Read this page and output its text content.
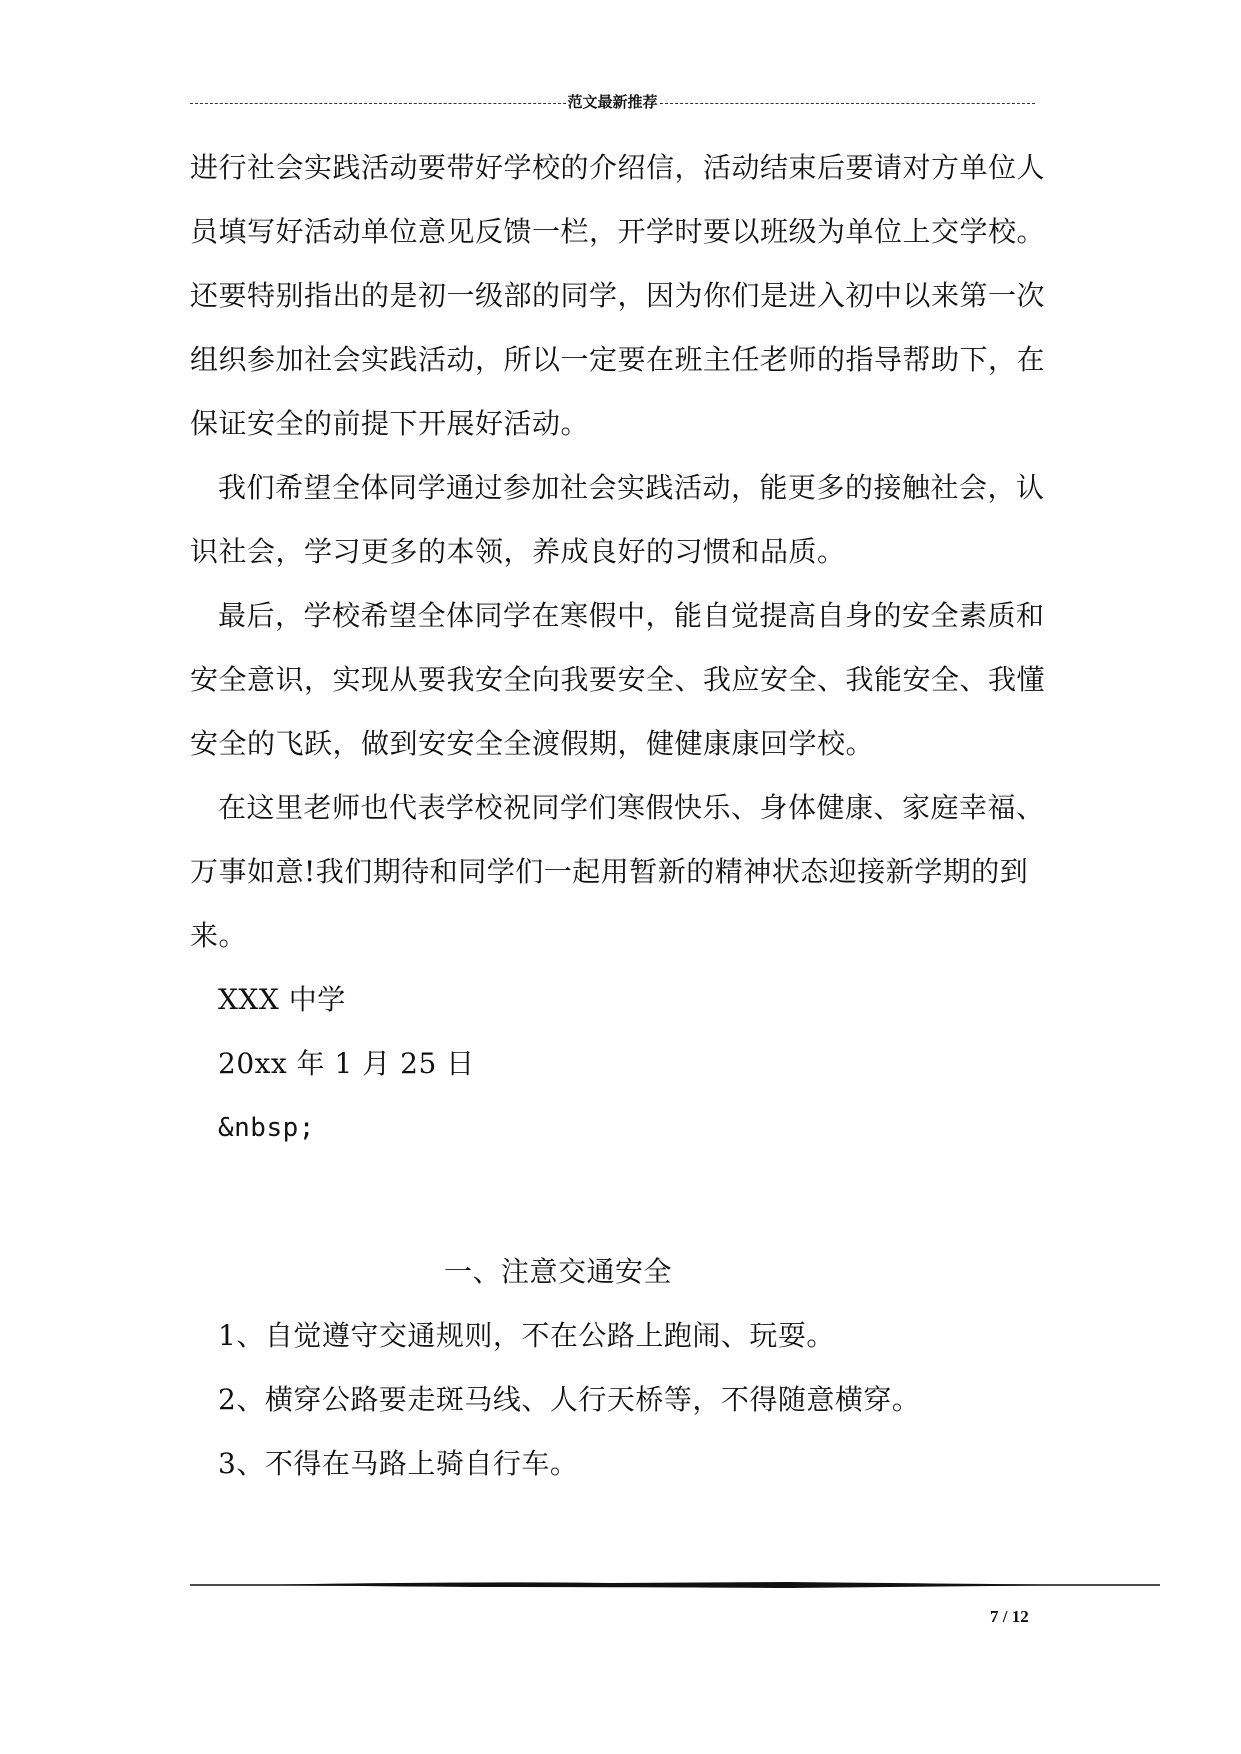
范文最新推荐
进行社会实践活动要带好学校的介绍信，活动结束后要请对方单位人
员填写好活动单位意见反馈一栏，开学时要以班级为单位上交学校。
还要特别指出的是初一级部的同学，因为你们是进入初中以来第一次
组织参加社会实践活动，所以一定要在班主任老师的指导帮助下，在
保证安全的前提下开展好活动。
我们希望全体同学通过参加社会实践活动，能更多的接触社会，认
识社会，学习更多的本领，养成良好的习惯和品质。
最后，学校希望全体同学在寒假中，能自觉提高自身的安全素质和
安全意识，实现从要我安全向我要安全、我应安全、我能安全、我懂
安全的飞跃，做到安安全全渡假期，健健康康回学校。
在这里老师也代表学校祝同学们寒假快乐、身体健康、家庭幸福、
万事如意!我们期待和同学们一起用暂新的精神状态迎接新学期的到
来。
XXX 中学
20xx 年 1 月 25 日
&nbsp;
一、注意交通安全
1、自觉遵守交通规则，不在公路上跑闹、玩耍。
2、横穿公路要走斑马线、人行天桥等，不得随意横穿。
3、不得在马路上骑自行车。
7 / 12
